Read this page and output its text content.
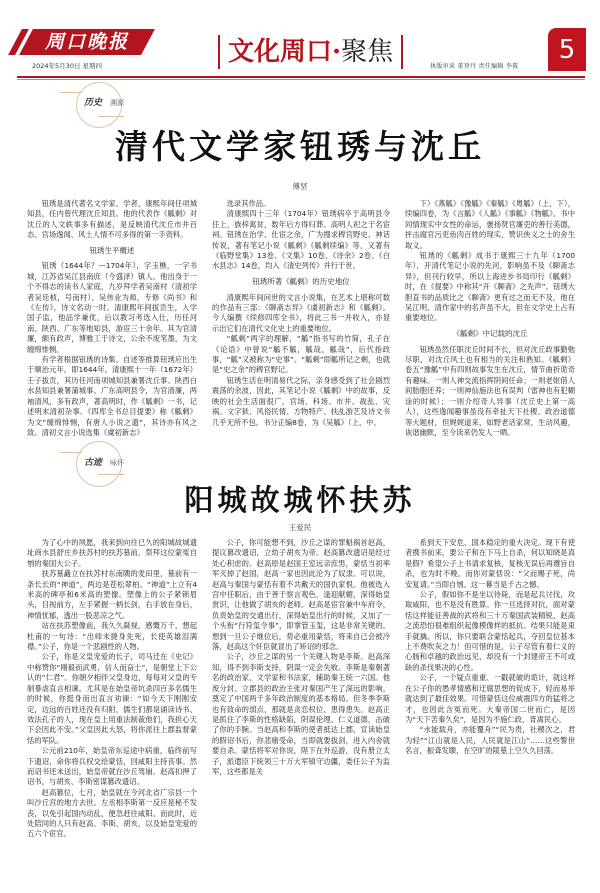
周口晚报
2024年5月30日 星期四	文化周口· 聚焦	执版审读 董登丹 责任编辑 李筱
5
历史 溯源
清代文学家钮琇与沈丘
傅坚

钮琇是清代著名文学家、学者，康熙年间任项城知县，任内曾代理沈丘知县。他的代表作《觚剩》对沈丘的人文轶事多有描述，是反映清代沈丘市井百态、官场逸闻、风土人情不可多得的第一手资料。

钮琇生平概述

钮琇（1644年？—1704年），字玉樵，一字书城，江苏省吴江县南庶（今盛泽）镇人。他出身于一个不得志的读书人家庭，九岁拜学者吴南村（清初学者吴廷桢，号南村）、吴伟业为师，专修《尚书》和《左传》，诗文名动一时。清康熙年间拔贡生，入学国子监，他品学兼优，后以教习考选入仕，历任河南、陕西、广东等地知县，游宦三十余年。其为官清廉，颇有政声，博雅工于诗文，公余不废笔墨，为文缠绵悱恻。

有学者根据钮琇的诗集、自述等推算钮琇应出生于顺治元年，即1644年。清康熙十一年（1672年）壬子拔贡，其历任河南项城知县兼署沈丘事、陕西白水县知县兼署蒲城事、广东高明县令，为官清廉，两袖清风，多有政声，著高明时，作《觚剩》一书，记述明末清初杂事。《四库全书总目提要》称《觚剩》为文“缠绵悱恻，有唐人小说之遗”，其诗亦有风之致。清初文言小说选集《虞初新志》

选录其作品。

清康熙四十三年（1704年）钮琇病卒于高明县令任上，族梓寓贫，数年后方得归葬。高明人祀之于名宦祠。钮琇在治学、仕宦之余，广为搜求稗官野史、神话传说，著有笔记小说《觚剩》《觚剩续编》等，又著有《临野堂集》13卷、《文集》10卷、《诗余》2卷、《白水县志》14卷，均入《清史列传》并行于世。

钮琇所著《觚剩》的历史地位

清康熙年间问世的文言小说集，在艺术上堪称可数的作品有三部：《聊斋志异》《虞初新志》和《觚剩》。今人编撰《续修四库全书》，将此三书一并收入，亦显示出它们在清代文化史上的重要地位。

“觚剩”两字的理解，“觚”指书写的竹简，孔子在《论语》中曾说“觚不觚，觚哉，觚哉”，后代指政事，“觚”又被称为“史事”。“觚剩”即觚所记之剩，也就是“史之余”的稗官野记。

钮琇生活在明清易代之际，亲身感受到了社会剧烈震荡的余波，因此，其笔记小说《觚剩》中的故事，反映的社会生活面很广，官场、科场、市井、战乱、灾祸、文字狱、风俗民情、方物特产、扶乩游艺及诗文书几乎无所不包。书分正编8卷，为《吴觚》（上、中、

下）《燕觚》《豫觚》《秦觚》《粤觚》（上、下），续编四卷，为《言觚》《人觚》《事觚》《物觚》。书中同情现实中女性的命运，褒扬贤官廉吏的善行美德，抨击腐官污吏鱼肉百姓的现实，赞识侠义之士的舍生取义。

钮琇的《觚剩》成书于康熙三十九年（1700年），开清代笔记小说的先河，影响虽不及《聊斋志异》，但刊行较早，所以上海进步书局印行《觚剩》时，在《提要》中称其“开《聊斋》之先声”。钮琇大胆直书的品质比之《聊斋》更有过之而无不及，他在吴江明、清作家中的名声虽不大，但在文学史上占有重要地位。

《觚剩》中记载的沈丘

钮琇虽然任职沈丘时间不长，但对沈丘政事勤勉尽职，对沈丘风土也有相当的关注和熟知。《觚剩》卷五“豫觚”中有四则故事发生在沈丘，情节曲折诡奇有趣味。一则人神交流指挥阴间任命；一则老妪借人间胎胞还养；一则神仙施法也有误判（雷神也有犯糊涂的时候）；一则介绍奇人异事（沈丘史上第一高人），这些逸闻趣事虽没有牵扯天下社稷、政治道德等大题材，但娓娓道来，如野老话家常，生动风趣，诙谐幽默，至今读来仍发人一哂。

古迹 咏怀
阳城故城怀扶苏
王爱民

为了心中的夙愿，我来到向往已久的阳城故城遗址商水县舒庄乡扶苏村的扶苏墓前，祭拜这位蒙冤自刎的秦国大公子。

扶苏墓矗立在扶苏村东南隅的麦田里，墓前有一条长长的“神道”，两边是苍松翠柏。“神道”上立有4米高的碑亭和6米高的塑像。塑像上的公子紧锁眉头，目视前方，左手紧握一柄长剑，右手放在身后，神情忧郁，透出一股悲凉之气。

站在扶苏塑像前，我久久凝视，感慨万千，想起杜甫的一句诗：“出师未捷身先死，长使英雄泪满襟。”公子，你是一个悲剧性的人物。

公子，你是父皇宠爱的长子，司马迁在《史记》中称赞你“刚毅而武勇，信人而奋士”，是朝堂上下公认的“仁君”。你朝夕相伴父皇身边，每每对父皇的专制暴虐直言相谏。尤其是在始皇帝坑杀四百多名儒生的时候，你挺身而出直言劝谏：“如今天下刚刚安定，边远的百姓还没有归附，儒生们都是诵读诗书、效法孔子的人，现在皇上用重法制裁他们，我担心天下会因此不安。”父皇因此大怒，将你派往上郡监督蒙恬的军队。

公元前210年，始皇帝东巡途中病重，临终前写下遗诏，命你将兵权交给蒙恬，回咸阳主持丧事。然而诏书还未送出，始皇帝就在沙丘驾崩。赵高扣押了诏书，与胡亥、李斯密谋篡改遗诏。

赵高篡位，七月，始皇就在今河北省广宗县一个叫沙丘宫的地方去世。左丞相李斯第一反应是秘不发丧，以免引起国内动乱，便急赶往咸阳。而此时，近处陪同的人只有赵高、李斯、胡亥，以及始皇宠爱的五六个宦官。

公子，你可能想不到，沙丘之谋的罪魁祸首赵高，提议篡改遗诏，立幼子胡亥为帝。赵高篡改遗诏是经过处心积虑的。赵高原是赵国王室远亲庶男，蒙恬当初率军灭掉了赵国，赵高一家也因此沦为了奴隶。可以说，赵高与秦国与蒙恬有着不共戴天的国仇家恨。他被选入宫中任职后，由于善于察言观色，逢迎献媚，深得始皇赏识，让他做了胡亥的老师。赵高是宦官兼中车府令，负责始皇的交通出行，深得始皇出行的时候，又加了一个头衔“行符玺令事”，即掌管玉玺，这是非常关键的。想到一旦公子继位后，势必重用蒙恬，将来自己会被冷落，赵高这个奸臣就冒出了矫诏的邪念。

公子，沙丘之谋的另一个关键人物是李斯。赵高深知，得不到李斯支持，阴谋一定会失败。李斯是秦朝著名的政治家、文学家和书法家，辅助秦王统一六国。他废分封、立郡县的政治主张对秦国产生了深远的影响，奠定了中国两千多年政治制度的基本格局。但冬季李斯也有致命的弱点，那就是贪恋权位、患得患失。赵高正是抓住了李斯的性格缺陷，阴谋伦理、仁义道德，击破了你的手腕。当赵高和李斯的使者抵达上郡，宣读始皇的假诏书后，你悲痛受命，当即就要拔剑，进入内舍就要自杀。蒙恬将军对你说，陛下在外巡游，没有册立太子，派遣臣下统领三十万大军镇守边疆，委任公子为监军，这些都是关

系到天下安危、国本稳定的重大决定。现下有使者携书前来，要公子和在下马上自杀，何以知晓是真是假？希望公子上书请求复核，复核无误后再遵旨自杀，也为时不晚。而你对蒙恬说：“父而赐子死，尚安复请。”当即自刎。这一幕当是千古之憾。

公子，假如你不是坐以待毙，而是起兵讨伐，攻取咸阳，也不是没有胜算。你一旦选择对抗，面对蒙恬这样能征善战的武将和三十万秦国武装精锐，赵高之流恐怕很难组织起像模像样的抵抗。结果只能是束手就擒。所以，你只要联合蒙恬起兵，夺回皇位基本上不费吹灰之力！但可惜的是，公子尽管有着仁义的心肠和卓越的政治远见，却没有一个封建帝王不可或缺的杀伐果决的心性。

公子，一个疑点重重、一戳就破的诡计，就这样在公子你的愚孝情感和迂腐思想的促成下，轻而易举就达到了最佳效果。可惜蒙恬这位威震四方的猛将之才，也因此含冤而死。大秦帝国二世而亡，是因为“天下苦秦久矣”，是因为不施仁政、背离民心。

“水能载舟，亦能覆舟”“民为贵，社稷次之，君为轻”“江山就是人民，人民就是江山”……这些警世名言，振聋发聩，在空旷的陵墓上空久久回荡。
